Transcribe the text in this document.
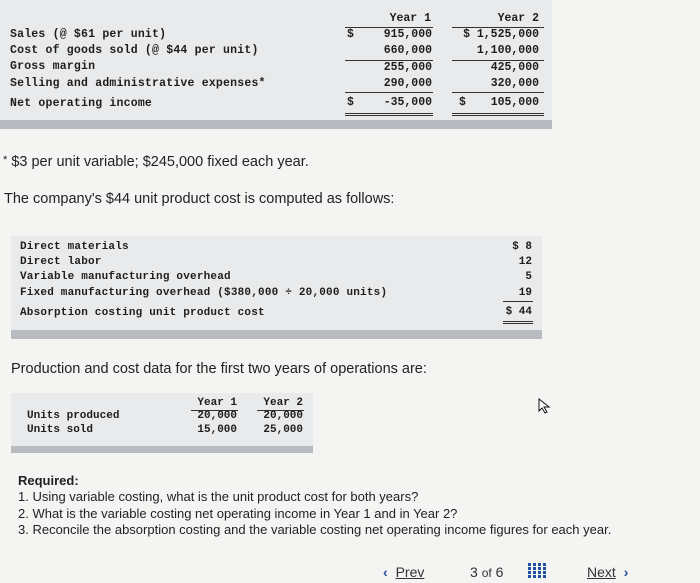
Year 1	Year 2
Sales (@ $61 per unit)	$	915,000	$ 1,525,000
Cost of goods sold (@ $44 per unit)	660,000	1,100,000
Gross margin	255,000	425,000
Selling and administrative expenses*	290,000	320,000
Net operating income	$	-35,000 $	105,000
* $3 per unit variable; $245,000 fixed each year.
The company's $44 unit product cost is computed as follows:
Direct materials	$ 8
Direct labor	12
Variable manufacturing overhead	5
Fixed manufacturing overhead ($380,000 ÷ 20,000 units)	19
Absorption costing unit product cost	$ 44
Production and cost data for the first two years of operations are:
Year 1	Year 2
Units produced	20,000	20,000
Units sold	15,000	25,000
Required:
1. Using variable costing, what is the unit product cost for both years?
2. What is the variable costing net operating income in Year 1 and in Year 2?
3. Reconcile the absorption costing and the variable costing net operating income figures for each year.
‹ Prev	3 of 6	Next ›
